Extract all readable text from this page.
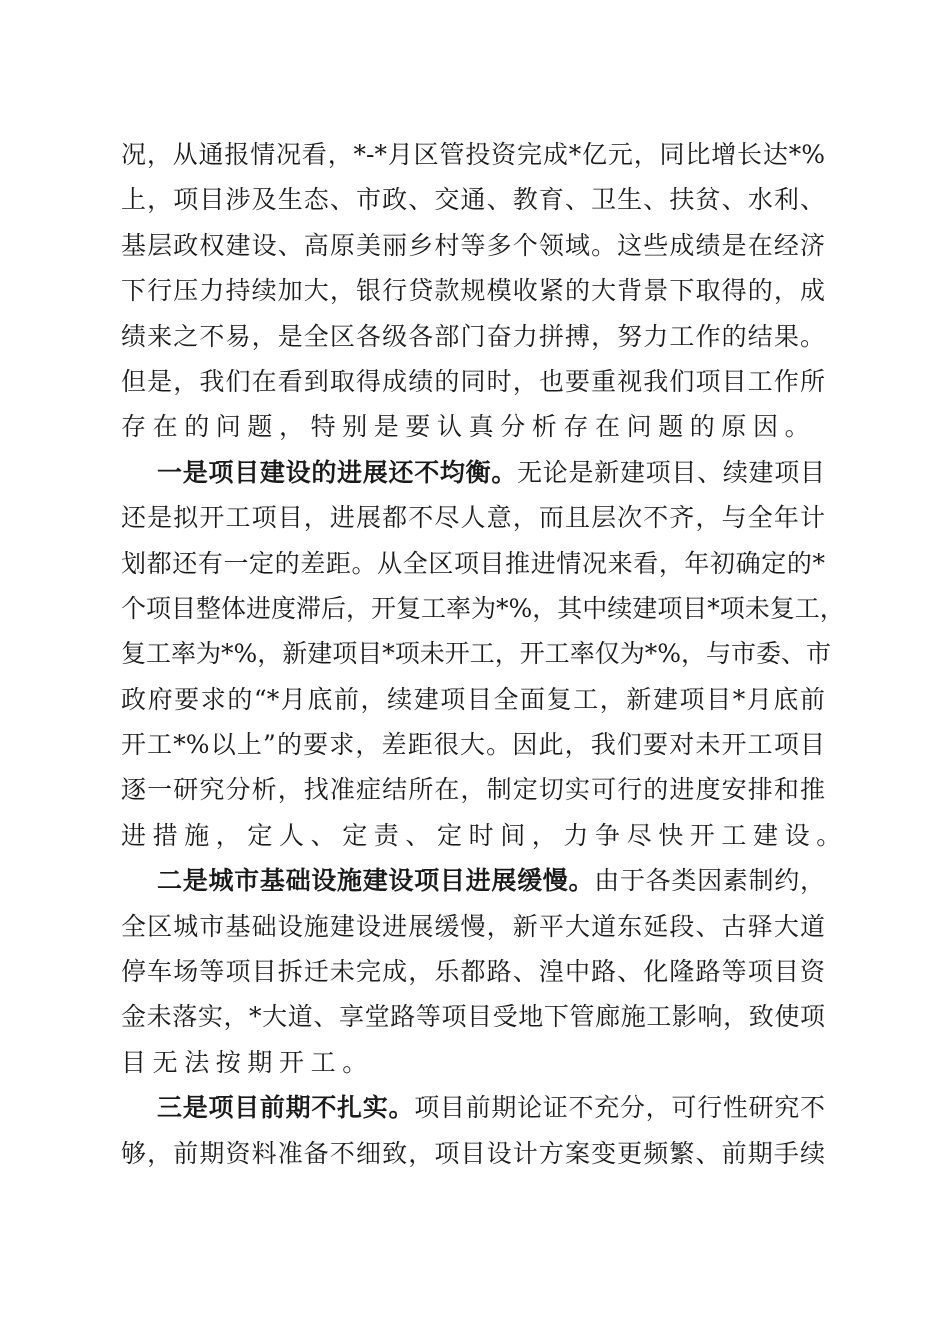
况，从通报情况看，*-*月区管投资完成*亿元，同比增长达*%
上，项目涉及生态、市政、交通、教育、卫生、扶贫、水利、
基层政权建设、高原美丽乡村等多个领域。这些成绩是在经济
下行压力持续加大，银行贷款规模收紧的大背景下取得的，成
绩来之不易，是全区各级各部门奋力拼搏，努力工作的结果。
但是，我们在看到取得成绩的同时，也要重视我们项目工作所
存在的问题，特别是要认真分析存在问题的原因。
一是项目建设的进展还不均衡。无论是新建项目、续建项目
还是拟开工项目，进展都不尽人意，而且层次不齐，与全年计
划都还有一定的差距。从全区项目推进情况来看，年初确定的*
个项目整体进度滞后，开复工率为*%，其中续建项目*项未复工，
复工率为*%，新建项目*项未开工，开工率仅为*%，与市委、市
政府要求的“*月底前，续建项目全面复工，新建项目*月底前
开工*%以上”的要求，差距很大。因此，我们要对未开工项目
逐一研究分析，找准症结所在，制定切实可行的进度安排和推
进措施，定人、定责、定时间，力争尽快开工建设。
二是城市基础设施建设项目进展缓慢。由于各类因素制约，
全区城市基础设施建设进展缓慢，新平大道东延段、古驿大道
停车场等项目拆迁未完成，乐都路、湟中路、化隆路等项目资
金未落实，*大道、享堂路等项目受地下管廊施工影响，致使项
目无法按期开工。
三是项目前期不扎实。项目前期论证不充分，可行性研究不
够，前期资料准备不细致，项目设计方案变更频繁、前期手续
